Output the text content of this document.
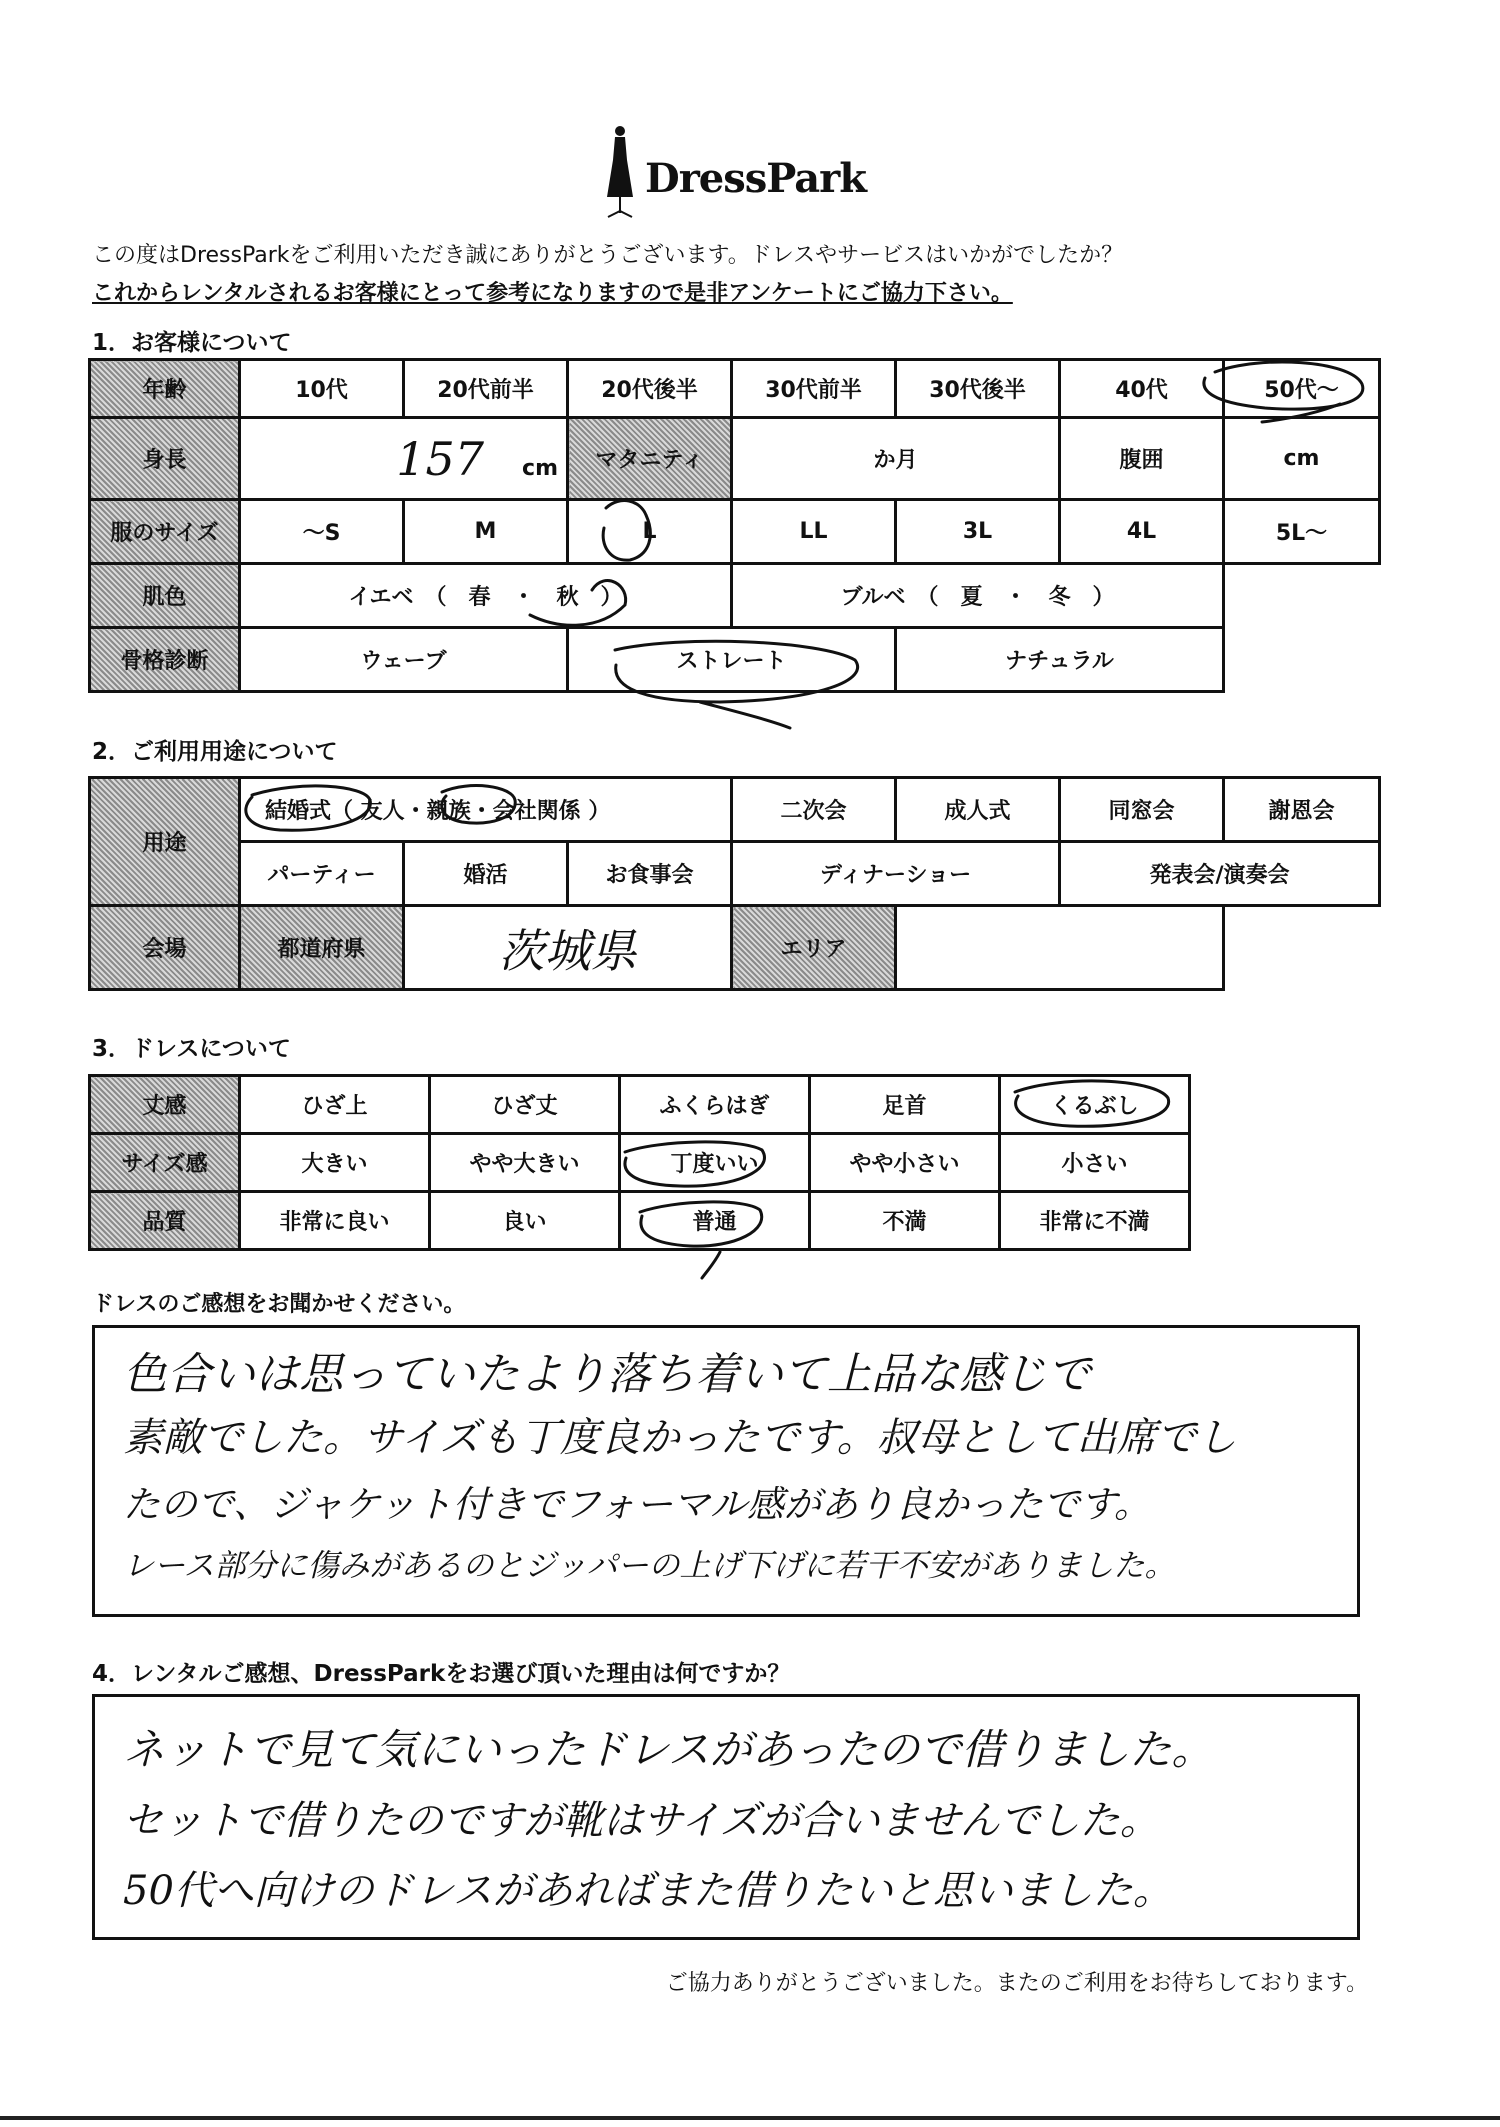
DressPark
この度はDressParkをご利用いただき誠にありがとうございます。ドレスやサービスはいかがでしたか？
これからレンタルされるお客様にとって参考になりますので是非アンケートにご協力下さい。
1．お客様について
年齢	10代	20代前半	20代後半	30代前半	30代後半	40代	50代～
身長	157 cm		マタニティ	か月		腹囲	cm
服のサイズ	～S	M	L	LL	3L	4L	5L～
肌色	イエベ　（　春　・　秋　）			ブルベ　（　夏　・　冬　）			
骨格診断	ウェーブ		ストレート		ナチュラル		
2．ご利用用途について
用途	結婚式（ 友人・親族・会社関係 ）			二次会	成人式	同窓会	謝恩会
	パーティー	婚活	お食事会	ディナーショー		発表会/演奏会	
会場	都道府県	茨城県		エリア			
3．ドレスについて
丈感	ひざ上	ひざ丈	ふくらはぎ	足首	くるぶし
サイズ感	大きい	やや大きい	丁度いい	やや小さい	小さい
品質	非常に良い	良い	普通	不満	非常に不満
ドレスのご感想をお聞かせください。
色合いは思っていたより落ち着いて上品な感じで
素敵でした。サイズも丁度良かったです。叔母として出席でし
たので、ジャケット付きでフォーマル感があり良かったです。
レース部分に傷みがあるのとジッパーの上げ下げに若干不安がありました。
4．レンタルご感想、DressParkをお選び頂いた理由は何ですか？
ネットで見て気にいったドレスがあったので借りました。
セットで借りたのですが靴はサイズが合いませんでした。
50代へ向けのドレスがあればまた借りたいと思いました。
ご協力ありがとうございました。またのご利用をお待ちしております。
